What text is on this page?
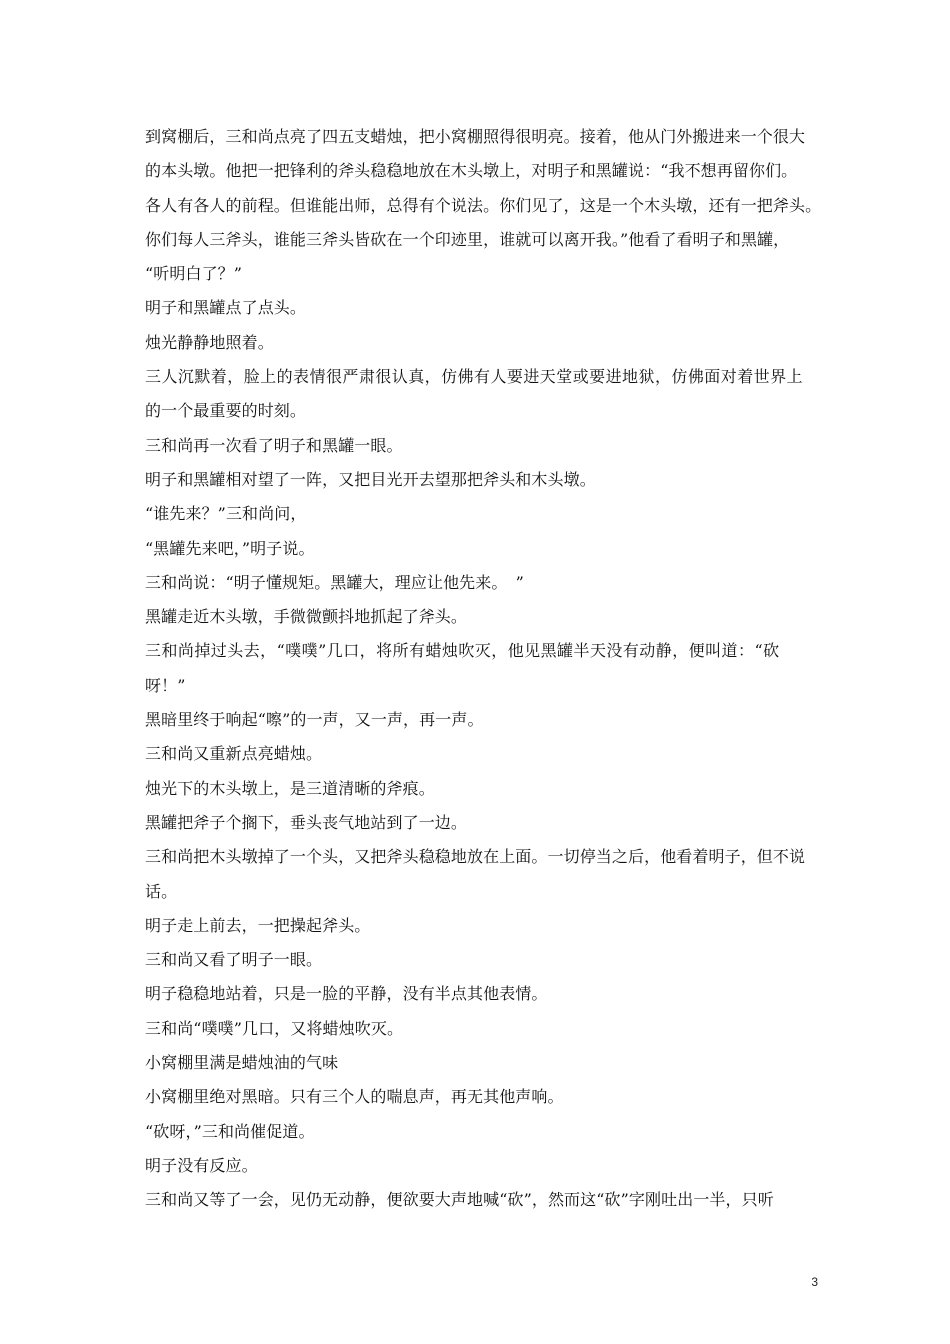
到窝棚后，三和尚点亮了四五支蜡烛，把小窝棚照得很明亮。接着，他从门外搬进来一个很大
的本头墩。他把一把锋利的斧头稳稳地放在木头墩上，对明子和黑罐说：“我不想再留你们。
各人有各人的前程。但谁能出师，总得有个说法。你们见了，这是一个木头墩，还有一把斧头。
你们每人三斧头，谁能三斧头皆砍在一个印迹里，谁就可以离开我。”他看了看明子和黑罐，
“听明白了？”
明子和黑罐点了点头。
烛光静静地照着。
三人沉默着，脸上的表情很严肃很认真，仿佛有人要进天堂或要进地狱，仿佛面对着世界上
的一个最重要的时刻。
三和尚再一次看了明子和黑罐一眼。
明子和黑罐相对望了一阵，又把目光开去望那把斧头和木头墩。
“谁先来？”三和尚问，
“黑罐先来吧，”明子说。
三和尚说：“明子懂规矩。黑罐大，理应让他先来。　”
黑罐走近木头墩，手微微颤抖地抓起了斧头。
三和尚掉过头去，“噗噗”几口，将所有蜡烛吹灭，他见黑罐半天没有动静，便叫道：“砍
呀！”
黑暗里终于响起“嚓”的一声，又一声，再一声。
三和尚又重新点亮蜡烛。
烛光下的木头墩上，是三道清晰的斧痕。
黑罐把斧子个搁下，垂头丧气地站到了一边。
三和尚把木头墩掉了一个头，又把斧头稳稳地放在上面。一切停当之后，他看着明子，但不说
话。
明子走上前去，一把操起斧头。
三和尚又看了明子一眼。
明子稳稳地站着，只是一脸的平静，没有半点其他表情。
三和尚“噗噗”几口，又将蜡烛吹灭。
小窝棚里满是蜡烛油的气味
小窝棚里绝对黑暗。只有三个人的喘息声，再无其他声响。
“砍呀，”三和尚催促道。
明子没有反应。
三和尚又等了一会，见仍无动静，便欲要大声地喊“砍”，然而这“砍”字刚吐出一半，只听
3
